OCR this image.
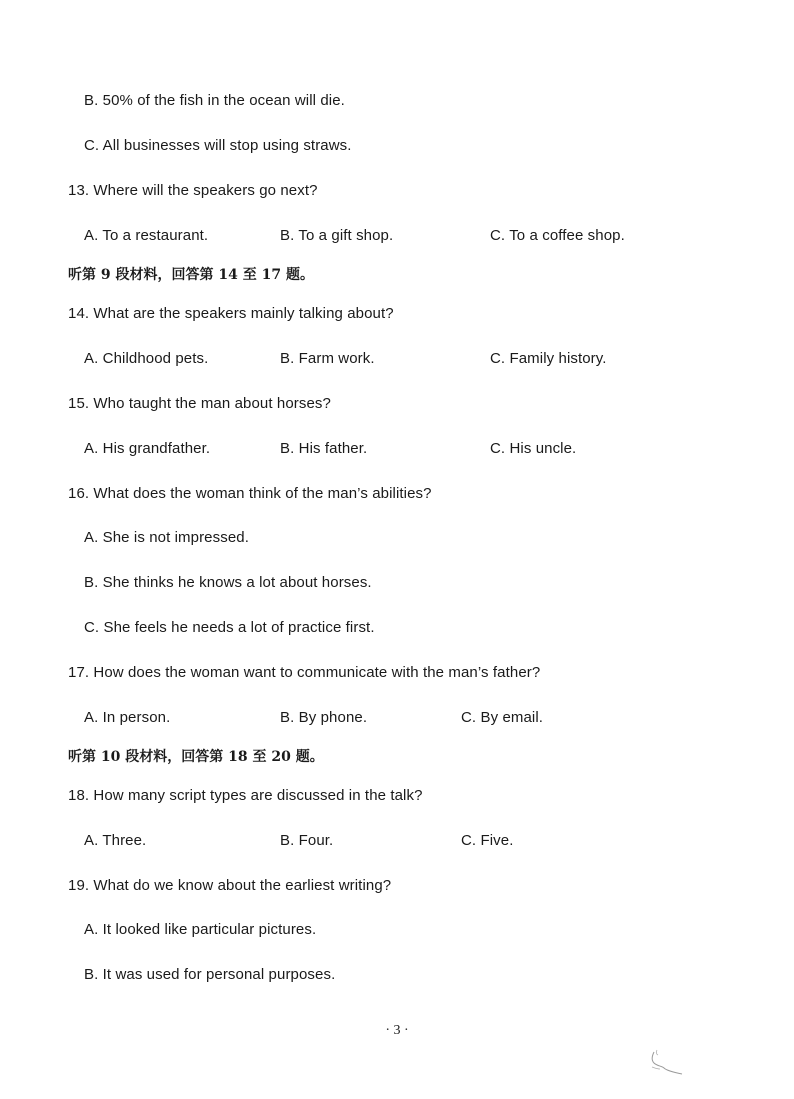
B. 50% of the fish in the ocean will die.
C. All businesses will stop using straws.
13. Where will the speakers go next?
A. To a restaurant.	B. To a gift shop.	C. To a coffee shop.
听第 9 段材料，回答第 14 至 17 题。
14. What are the speakers mainly talking about?
A. Childhood pets.	B. Farm work.	C. Family history.
15. Who taught the man about horses?
A. His grandfather.	B. His father.	C. His uncle.
16. What does the woman think of the man’s abilities?
A. She is not impressed.
B. She thinks he knows a lot about horses.
C. She feels he needs a lot of practice first.
17. How does the woman want to communicate with the man’s father?
A. In person.	B. By phone.	C. By email.
听第 10 段材料，回答第 18 至 20 题。
18. How many script types are discussed in the talk?
A. Three.	B. Four.	C. Five.
19. What do we know about the earliest writing?
A. It looked like particular pictures.
B. It was used for personal purposes.
· 3 ·
